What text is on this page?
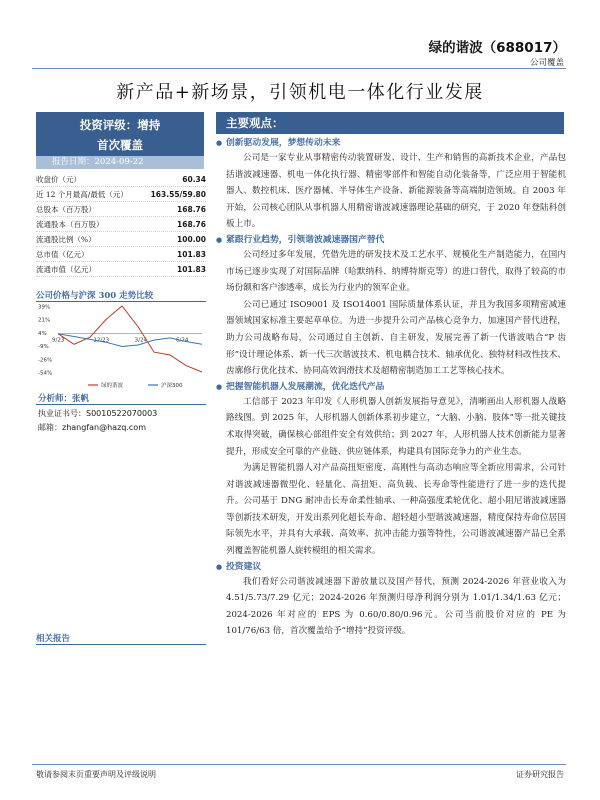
绿的谐波（688017）
公司覆盖
新产品+新场景，引领机电一体化行业发展
投资评级：增持
首次覆盖
报告日期：2024-09-22
收盘价（元）	60.34
近 12 个月最高/最低（元）	163.55/59.80
总股本（百万股）	168.76
流通股本（百万股）	168.76
流通股比例（%）	100.00
总市值（亿元）	101.83
流通市值（亿元）	101.83
公司价格与沪深 300 走势比较
39%
21%
4%
-9%
-26%
-54%
9/23	12/23	3/24	6/24
绿的谐波	沪深300
分析师：张帆
执业证书号：S0010522070003
邮箱：zhangfan@hazq.com
相关报告
主要观点：
● 创新驱动发展，梦想传动未来
公司是一家专业从事精密传动装置研发、设计、生产和销售的高新技术企业，产品包括谐波减速器、机电一体化执行器、精密零部件和智能自动化装备等，广泛应用于智能机器人、数控机床、医疗器械、半导体生产设备、新能源装备等高端制造领域。自 2003 年开始，公司核心团队从事机器人用精密谐波减速器理论基础的研究，于 2020 年登陆科创板上市。
● 紧跟行业趋势，引领谐波减速器国产替代
公司经过多年发展，凭借先进的研发技术及工艺水平、规模化生产制造能力，在国内市场已逐步实现了对国际品牌（哈默纳科、纳博特斯克等）的进口替代，取得了较高的市场份额和客户渗透率，成长为行业内的领军企业。
公司已通过 ISO9001 及 ISO14001 国际质量体系认证，并且为我国多项精密减速器领域国家标准主要起草单位。为进一步提升公司产品核心竞争力，加速国产替代进程，助力公司战略布局，公司通过自主创新、自主研发，发展完善了新一代谐波啮合“P 齿形”设计理论体系、新一代三次谐波技术、机电耦合技术、轴承优化、独特材料改性技术、齿廓修行优化技术、协同高效润滑技术及超精密制造加工工艺等核心技术。
● 把握智能机器人发展潮流，优化迭代产品
工信部于 2023 年印发《人形机器人创新发展指导意见》，清晰画出人形机器人战略路线图。到 2025 年，人形机器人创新体系初步建立，“大脑、小脑、肢体”等一批关键技术取得突破，确保核心部组件安全有效供给；到 2027 年，人形机器人技术创新能力显著提升，形成安全可靠的产业链、供应链体系，构建具有国际竞争力的产业生态。
为满足智能机器人对产品高扭矩密度、高刚性与高动态响应等全新应用需求，公司针对谐波减速器微型化、轻量化、高扭矩、高负载、长寿命等性能进行了进一步的迭代提升。公司基于 DNG 耐冲击长寿命柔性轴承、一种高强度柔轮优化、超小阻尼谐波减速器等创新技术研发，开发出系列化超长寿命、超轻超小型谐波减速器，精度保持寿命位居国际领先水平，并具有大承载、高效率、抗冲击能力强等特性，公司谐波减速器产品已全系列覆盖智能机器人旋转模组的相关需求。
● 投资建议
我们看好公司谐波减速器下游放量以及国产替代，预测 2024-2026 年营业收入为 4.51/5.73/7.29 亿元；2024-2026 年预测归母净利润分别为 1.01/1.34/1.63 亿元；2024-2026 年对应的 EPS 为 0.60/0.80/0.96元。公司当前股价对应的 PE 为 101/76/63 倍，首次覆盖给予“增持”投资评级。
敬请参阅末页重要声明及评级说明	证券研究报告
